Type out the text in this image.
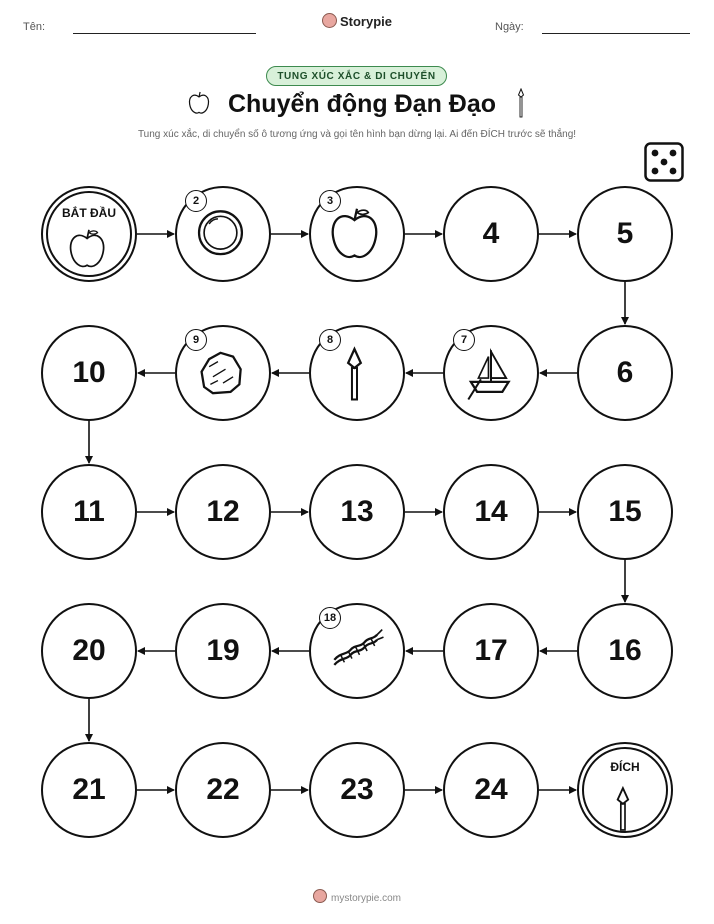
Tên:	Storypie	Ngày:
TUNG XÚC XẮC & DI CHUYỂN
Chuyển động Đạn Đạo
Tung xúc xắc, di chuyển số ô tương ứng và gọi tên hình bạn dừng lại. Ai đến ĐÍCH trước sẽ thắng!
BẮT ĐẦU
2	3
4	5
6
7
8
9
10
11	12	13	14	15
16
17
18
19
20
21	22	23	24
ĐÍCH
mystorypie.com
